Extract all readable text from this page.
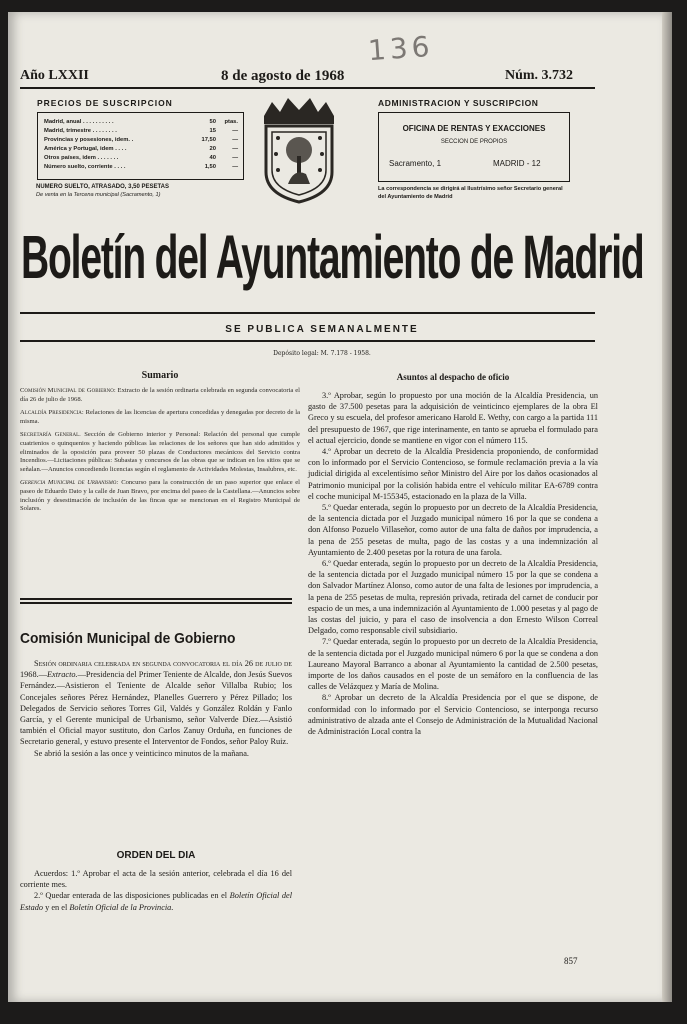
136
Año LXXII	8 de agosto de 1968	Núm. 3.732
PRECIOS DE SUSCRIPCION
Madrid, anual . . . . . . . . . .	50	ptas.
Madrid, trimestre . . . . . . . .	15	—
Provincias y posesiones, idem. .	17,50	—
América y Portugal, idem . . . .	20	—
Otros países, idem . . . . . . .	40	—
Número suelto, corriente . . . .	1,50	—
NUMERO SUELTO, ATRASADO, 3,50 PESETAS
De venta en la Tercena municipal (Sacramento, 1)
ADMINISTRACION Y SUSCRIPCION
OFICINA DE RENTAS Y EXACCIONES
SECCION DE PROPIOS
Sacramento, 1	MADRID - 12
La correspondencia se dirigirá al Ilustrísimo señor Secretario general del Ayuntamiento de Madrid
Boletín del Ayuntamiento de Madrid
SE PUBLICA SEMANALMENTE
Depósito legal: M. 7.178 - 1958.
Sumario

Comisión Municipal de Gobierno: Extracto de la sesión ordinaria celebrada en segunda convocatoria el día 26 de julio de 1968.

Alcaldía Presidencia: Relaciones de las licencias de apertura concedidas y denegadas por decreto de la misma.

Secretaría General. Sección de Gobierno interior y Personal: Relación del personal que cumple cuatrienios o quinquenios y haciendo públicas las relaciones de los señores que han sido admitidos y eliminados de la oposición para proveer 50 plazas de Conductores mecánicos del Servicio contra Incendios.—Licitaciones públicas: Subastas y concursos de las obras que se indican en los sitios que se señalan.—Anuncios concediendo licencias según el reglamento de Actividades Molestas, Insalubres, etc.

Gerencia Municipal de Urbanismo: Concurso para la construcción de un paso superior que enlace el paseo de Eduardo Dato y la calle de Juan Bravo, por encima del paseo de la Castellana.—Anuncios sobre inclusión y desestimación de inclusión de las fincas que se mencionan en el Registro Municipal de Solares.

Comisión Municipal de Gobierno

Sesión ordinaria celebrada en segunda convocatoria el día 26 de julio de 1968.—Extracto.—Presidencia del Primer Teniente de Alcalde, don Jesús Suevos Fernández.—Asistieron el Teniente de Alcalde señor Villalba Rubio; los Concejales señores Pérez Hernández, Planelles Guerrero y Pérez Pillado; los Delegados de Servicio señores Torres Gil, Valdés y González Roldán y Fanlo García, y el Gerente municipal de Urbanismo, señor Valverde Díez.—Asistió también el Oficial mayor sustituto, don Carlos Zanuy Orduña, en funciones de Secretario general, y estuvo presente el Interventor de Fondos, señor Paloy Ruiz.

Se abrió la sesión a las once y veinticinco minutos de la mañana.

ORDEN DEL DIA

Acuerdos: 1.º Aprobar el acta de la sesión anterior, celebrada el día 16 del corriente mes.

2.º Quedar enterada de las disposiciones publicadas en el Boletín Oficial del Estado y en el Boletín Oficial de la Provincia.

Asuntos al despacho de oficio

3.º Aprobar, según lo propuesto por una moción de la Alcaldía Presidencia, un gasto de 37.500 pesetas para la adquisición de veinticinco ejemplares de la obra El Greco y su escuela, del profesor americano Harold E. Wethy, con cargo a la partida 111 del presupuesto de 1967, que rige interinamente, en tanto se aprueba el formulado para el actual ejercicio, donde se mantiene en vigor con el número 115.

4.º Aprobar un decreto de la Alcaldía Presidencia proponiendo, de conformidad con lo informado por el Servicio Contencioso, se formule reclamación previa a la vía judicial dirigida al excelentísimo señor Ministro del Aire por los daños ocasionados al Patrimonio municipal por la colisión habida entre el vehículo militar EA-6789 contra el coche municipal M-155345, estacionado en la plaza de la Villa.

5.º Quedar enterada, según lo propuesto por un decreto de la Alcaldía Presidencia, de la sentencia dictada por el Juzgado municipal número 16 por la que se condena a don Alfonso Pozuelo Villaseñor, como autor de una falta de daños por imprudencia, a la pena de 255 pesetas de multa, pago de las costas y a una indemnización al Ayuntamiento de 2.400 pesetas por la rotura de una farola.

6.º Quedar enterada, según lo propuesto por un decreto de la Alcaldía Presidencia, de la sentencia dictada por el Juzgado municipal número 15 por la que se condena a don Salvador Martínez Alonso, como autor de una falta de lesiones por imprudencia, a la pena de 255 pesetas de multa, represión privada, retirada del carnet de conducir por espacio de un mes, a una indemnización al Ayuntamiento de 1.000 pesetas y al pago de las costas del juicio, y para el caso de insolvencia a don Ernesto Wilson Correal Delgado, como responsable civil subsidiario.

7.º Quedar enterada, según lo propuesto por un decreto de la Alcaldía Presidencia, de la sentencia dictada por el Juzgado municipal número 6 por la que se condena a don Laureano Mayoral Barranco a abonar al Ayuntamiento la cantidad de 2.500 pesetas, importe de los daños causados en el poste de un semáforo en la confluencia de las calles de Velázquez y María de Molina.

8.º Aprobar un decreto de la Alcaldía Presidencia por el que se dispone, de conformidad con lo informado por el Servicio Contencioso, se interponga recurso administrativo de alzada ante el Consejo de Administración de la Mutualidad Nacional de Administración Local contra la

857
